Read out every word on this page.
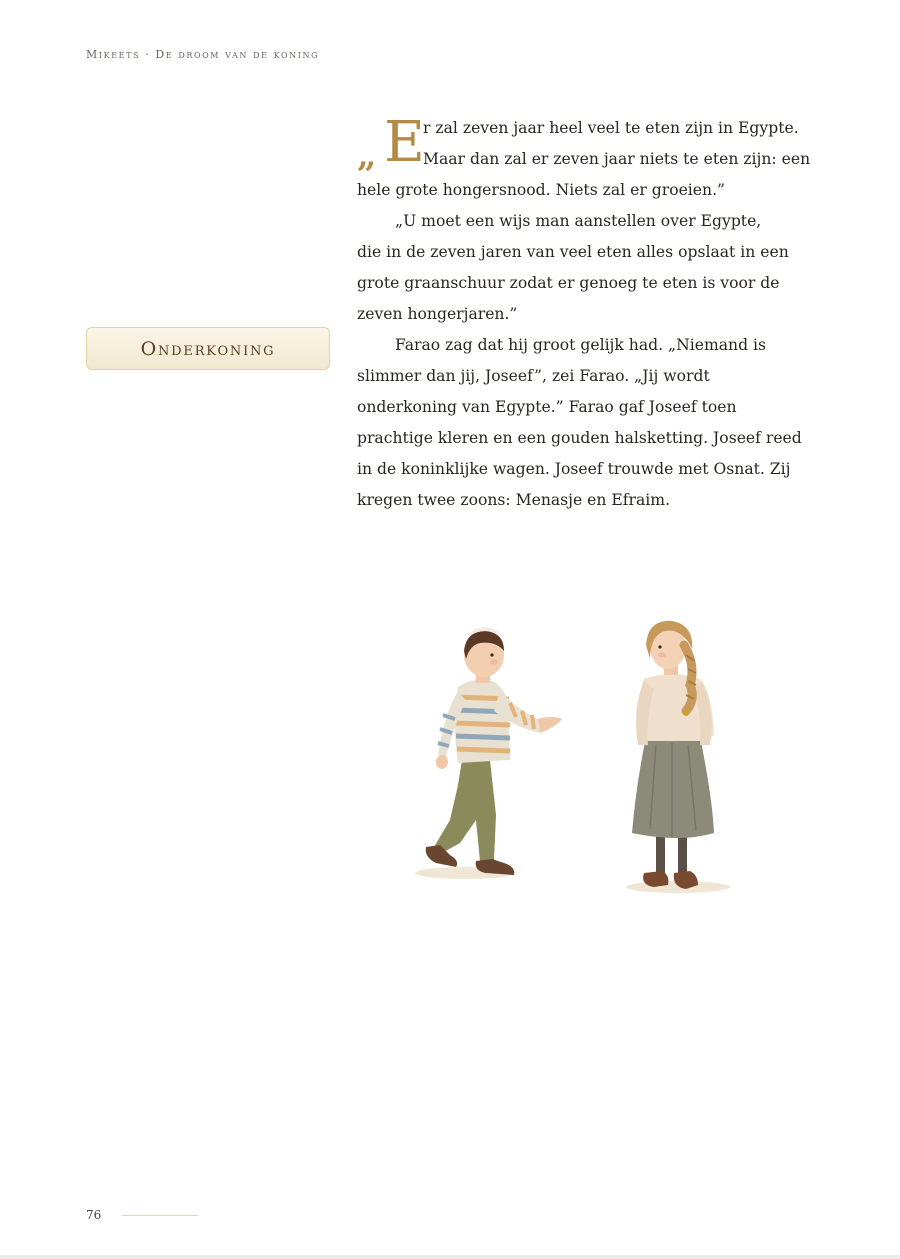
Mikeets · De droom van de koning
Onderkoning
„ E
r zal zeven jaar heel veel te eten zijn in Egypte.
Maar dan zal er zeven jaar niets te eten zijn: een
hele grote hongersnood. Niets zal er groeien.”
„U moet een wijs man aanstellen over Egypte,
die in de zeven jaren van veel eten alles opslaat in een
grote graanschuur zodat er genoeg te eten is voor de
zeven hongerjaren.”
Farao zag dat hij groot gelijk had. „Niemand is
slimmer dan jij, Joseef”, zei Farao. „Jij wordt
onderkoning van Egypte.” Farao gaf Joseef toen
prachtige kleren en een gouden halsketting. Joseef reed
in de koninklijke wagen. Joseef trouwde met Osnat. Zij
kregen twee zoons: Menasje en Efraim.
76
